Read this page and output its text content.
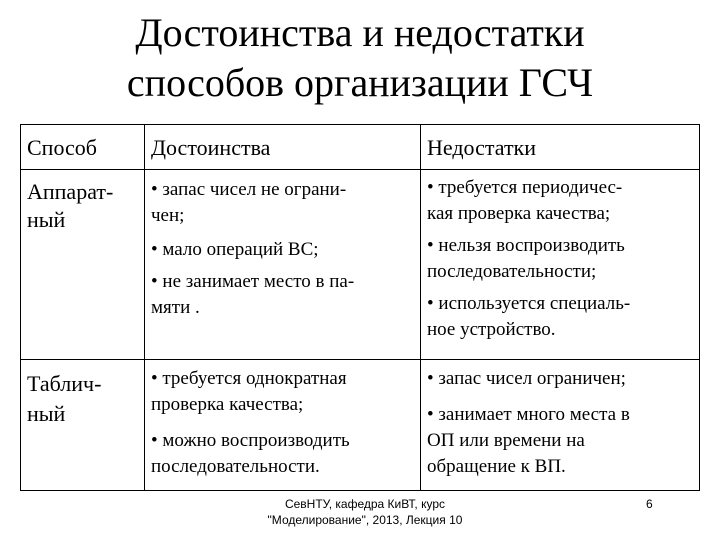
Достоинства и недостатки
способов организации ГСЧ
Способ Достоинства	Недостатки
Аппарат-
ный
• запас чисел не ограни-
чен;
• мало операций ВС;
• не занимает место в па-
мяти .
• требуется периодичес-
кая проверка качества;
• нельзя воспроизводить
последовательности;
• используется специаль-
ное устройство.
Таблич-
ный
• требуется однократная
проверка качества;
• можно воспроизводить
последовательности.
• запас чисел ограничен;
• занимает много места в
ОП или времени на
обращение к ВП.
СевНТУ, кафедра КиВТ, курс
"Моделирование", 2013, Лекция 10
6
